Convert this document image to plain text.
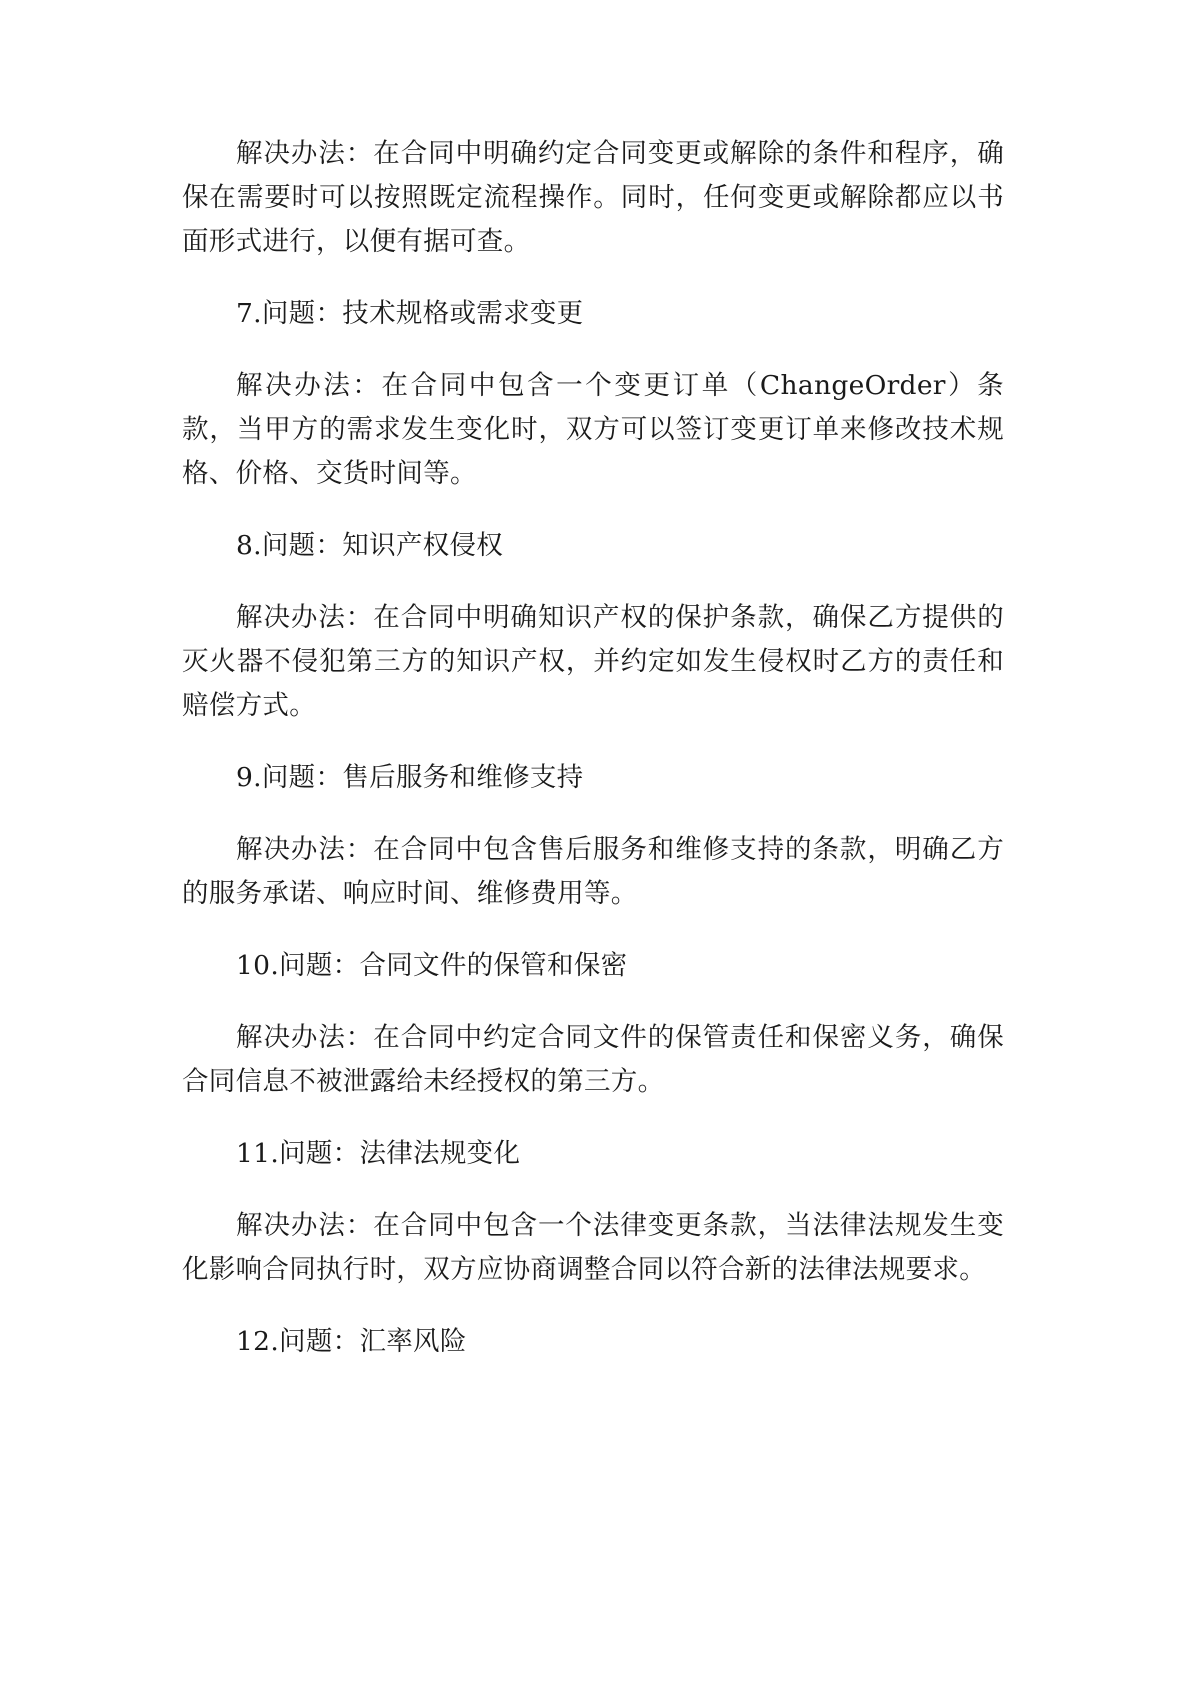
解决办法：在合同中明确约定合同变更或解除的条件和程序，确保在需要时可以按照既定流程操作。同时，任何变更或解除都应以书面形式进行，以便有据可查。

7.问题：技术规格或需求变更

解决办法：在合同中包含一个变更订单（ChangeOrder）条款，当甲方的需求发生变化时，双方可以签订变更订单来修改技术规格、价格、交货时间等。

8.问题：知识产权侵权

解决办法：在合同中明确知识产权的保护条款，确保乙方提供的灭火器不侵犯第三方的知识产权，并约定如发生侵权时乙方的责任和赔偿方式。

9.问题：售后服务和维修支持

解决办法：在合同中包含售后服务和维修支持的条款，明确乙方的服务承诺、响应时间、维修费用等。

10.问题：合同文件的保管和保密

解决办法：在合同中约定合同文件的保管责任和保密义务，确保合同信息不被泄露给未经授权的第三方。

11.问题：法律法规变化

解决办法：在合同中包含一个法律变更条款，当法律法规发生变化影响合同执行时，双方应协商调整合同以符合新的法律法规要求。

12.问题：汇率风险
